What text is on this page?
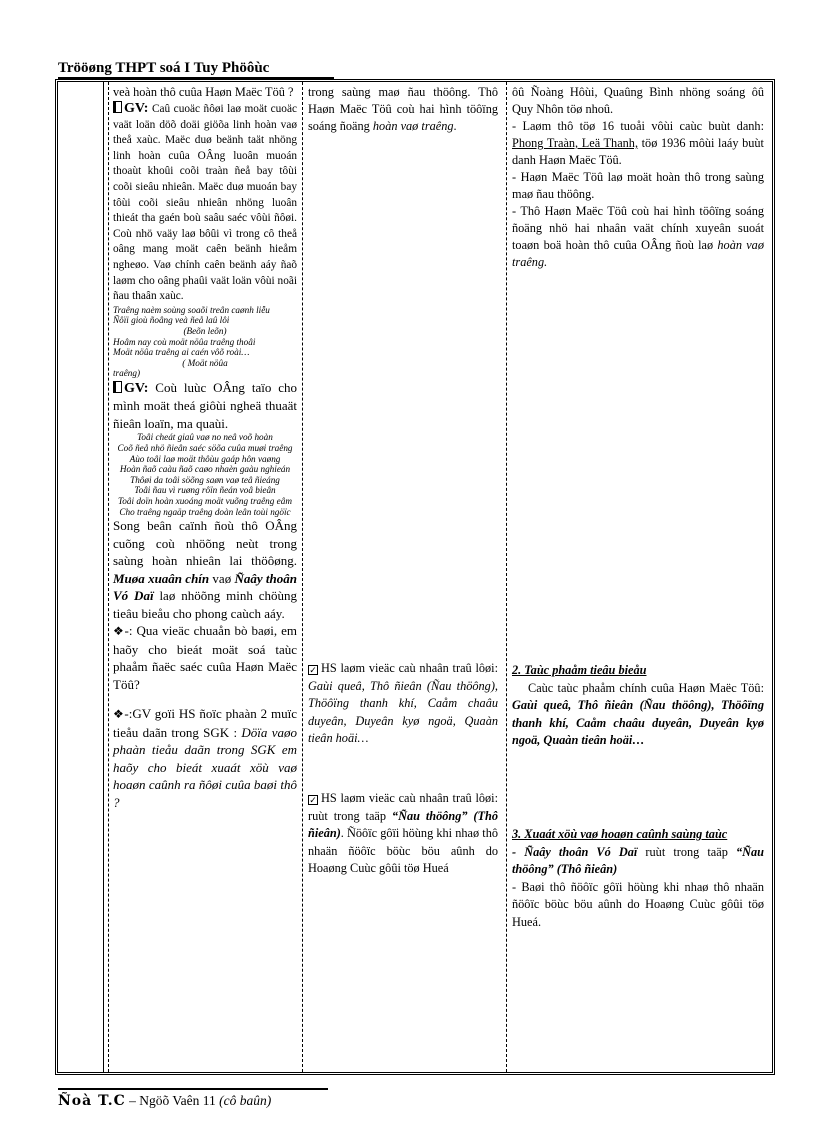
Trööøng THPT soá I Tuy Phöôùc

veà hoàn thô cuûa Haøn Maëc Töû ?

GV: Caû cuoäc ñôøi laø moät cuoäc vaät loän döõ doäi giöõa linh hoàn vaø theå xaùc. Maëc duø beänh taät nhöng linh hoàn cuûa OÂng luoân muoán thoaùt khoûi coõi traàn ñeå bay tôùi coõi sieâu nhieân. Maëc duø muoán bay tôùi coõi sieâu nhieân nhöng luoân thieát tha gaén boù saâu saéc vôùi ñôøi. Coù nhö vaäy laø bôûi vì trong cô theå oâng mang moät caên beänh hieåm ngheøo. Vaø chính caên beänh aáy ñaõ laøm cho oâng phaûi vaät loän vôùi noãi ñau thaân xaùc.

Traêng naèm soùng soaõi treân caønh liễu

Ñôïi gioù ñoâng veà ñeå laû lôi

(Beõn leõn)

Hoâm nay coù moät nöûa traêng thoâi

Moät nöûa traêng ai caén vôõ roài…

( Moät nöûa

traêng)

GV: Coù luùc OÂng taïo cho mình moät theá giôùi ngheä thuaät ñieân loaïn, ma quaùi.

Toâi cheát giaû vaø no neâ voõ hoàn

Coõ ñeå nhö ñieân saéc söõa cuûa muøi traêng

Aùo toâi laø moät thôùu gaáp hôn vaøng

Hoàn ñaõ caàu ñaõ caøo nhaèn gaàu nghieán

Thôøi da toâi söõng saøn vaø teâ ñieáng

Toâi ñau vì ruøng rôïn ñeán voâ bieân

Toâi doïn hoàn xuoáng moät vuõng traêng eâm

Cho traêng ngaäp traêng doàn leân toùi ngöïc

Song beân caïnh ñoù thô OÂng cuõng coù nhöõng neùt trong saùng hoàn nhieân lai thöôøng. Muøa xuaân chín vaø Ñaây thoân Vó Daï laø nhöõng minh chöùng tieâu bieåu cho phong caùch aáy.

❖-: Qua vieäc chuaån bò baøi, em haõy cho bieát moät soá taùc phaåm ñaëc saéc cuûa Haøn Maëc Töû?

❖-:GV goïi HS ñoïc phaàn 2 muïc tieåu daãn trong SGK : Döïa vaøo phaàn tieåu daãn trong SGK em haõy cho bieát xuaát xöù vaø hoaøn caûnh ra ñôøi cuûa baøi thô ?

trong saùng maø ñau thöông. Thô Haøn Maëc Töû coù hai hình töôïng soáng ñoäng hoàn vaø traêng.

✓ HS laøm vieäc caù nhaân traû lôøi: Gaùi queâ, Thô ñieân (Ñau thöông), Thöôïng thanh khí, Caåm chaâu duyeân, Duyeân kyø ngoä, Quaàn tieân hoäi…

✓ HS laøm vieäc caù nhaân traû lôøi: ruùt trong taäp “Ñau thöông” (Thô ñieân). Ñöôïc gôïi höùng khi nhaø thô nhaän ñöôïc böùc böu aûnh do Hoaøng Cuùc gôûi töø Hueá

ôû Ñoàng Hôùi, Quaûng Bình nhöng soáng ôû Quy Nhôn töø nhoû.

- Laøm thô töø 16 tuoåi vôùi caùc buùt danh: Phong Traàn, Leä Thanh, töø 1936 môùi laáy buùt danh Haøn Maëc Töû.

- Haøn Maëc Töû laø moät hoàn thô trong saùng maø ñau thöông.

- Thô Haøn Maëc Töû coù hai hình töôïng soáng ñoäng nhö hai nhaân vaät chính xuyeân suoát toaøn boä hoàn thô cuûa OÂng ñoù laø hoàn vaø traêng.

2. Taùc phaåm tieâu bieåu

Caùc taùc phaåm chính cuûa Haøn Maëc Töû: Gaùi queâ, Thô ñieân (Ñau thöông), Thöôïng thanh khí, Caåm chaâu duyeân, Duyeân kyø ngoä, Quaàn tieân hoäi…

3. Xuaát xöù vaø hoaøn caûnh saùng taùc

- Ñaây thoân Vó Daï ruùt trong taäp “Ñau thöông” (Thô ñieân)

- Baøi thô ñöôïc gôïi höùng khi nhaø thô nhaän ñöôïc böùc böu aûnh do Hoaøng Cuùc gôûi töø Hueá.

Ñoà T.C – Ngöõ Vaên 11 (cô baûn)
